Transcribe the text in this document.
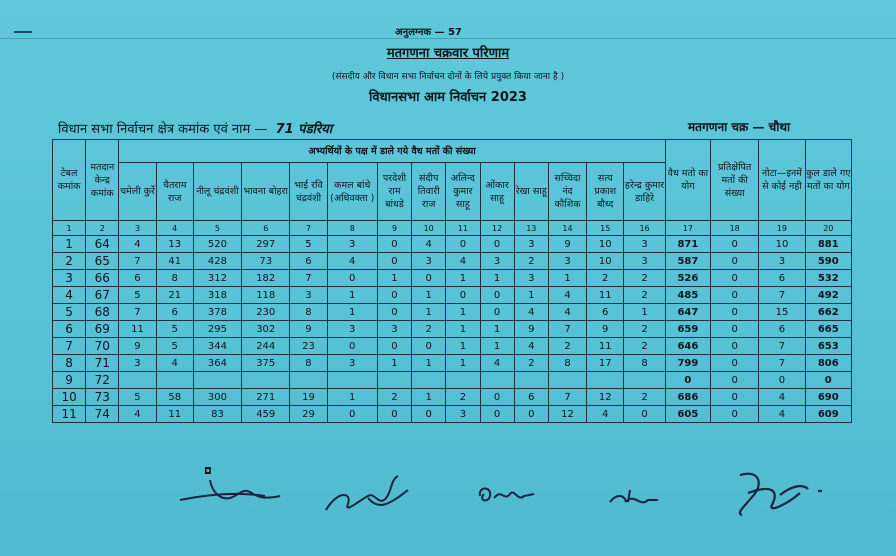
अनुलग्नक — 57
मतगणना चक्रवार परिणाम
(संसदीय और विधान सभा निर्वाचन दोनों के लिये प्रयुक्त किया जाना है )
विधानसभा आम निर्वाचन 2023
विधान सभा निर्वाचन क्षेत्र कमांक एवं नाम — 71 पंडरिया	मतगणना चक्र — चौथा
टेबल कमांक	मतदान केन्द्र कमांक	अभ्यर्थियों के पक्ष में डाले गये वैध मतों की संख्या														वैध मतो का योग	प्रतिक्षेपित मतों की संख्या	नोटा—इनमें से कोई नही	कुल डाले गए मतों का योग
		चमेली कुर्रे	चैतराम राज	नीलू चंद्रवंशी	भावना बोहरा	भाई रवि चंद्रवंशी	कमल बांधे (अधिवक्ता )	परदेशी राम बांधडे	संदीप तिवारी राज	अलिन्द कुमार साहू	ओंकार साहू	रेखा साहू	सच्चिदा नंद कौशिक	सत्य प्रकाश बौध्द	हरेन्द्र कुमार डाहिरे				
1	2	3	4	5	6	7	8	9	10	11	12	13	14	15	16	17	18	19	20
1	64	4	13	520	297	5	3	0	4	0	0	3	9	10	3	871	0	10	881
2	65	7	41	428	73	6	4	0	3	4	3	2	3	10	3	587	0	3	590
3	66	6	8	312	182	7	0	1	0	1	1	3	1	2	2	526	0	6	532
4	67	5	21	318	118	3	1	0	1	0	0	1	4	11	2	485	0	7	492
5	68	7	6	378	230	8	1	0	1	1	0	4	4	6	1	647	0	15	662
6	69	11	5	295	302	9	3	3	2	1	1	9	7	9	2	659	0	6	665
7	70	9	5	344	244	23	0	0	0	1	1	4	2	11	2	646	0	7	653
8	71	3	4	364	375	8	3	1	1	1	4	2	8	17	8	799	0	7	806
9	72															0	0	0	0
10	73	5	58	300	271	19	1	2	1	2	0	6	7	12	2	686	0	4	690
11	74	4	11	83	459	29	0	0	0	3	0	0	12	4	0	605	0	4	609
◘
